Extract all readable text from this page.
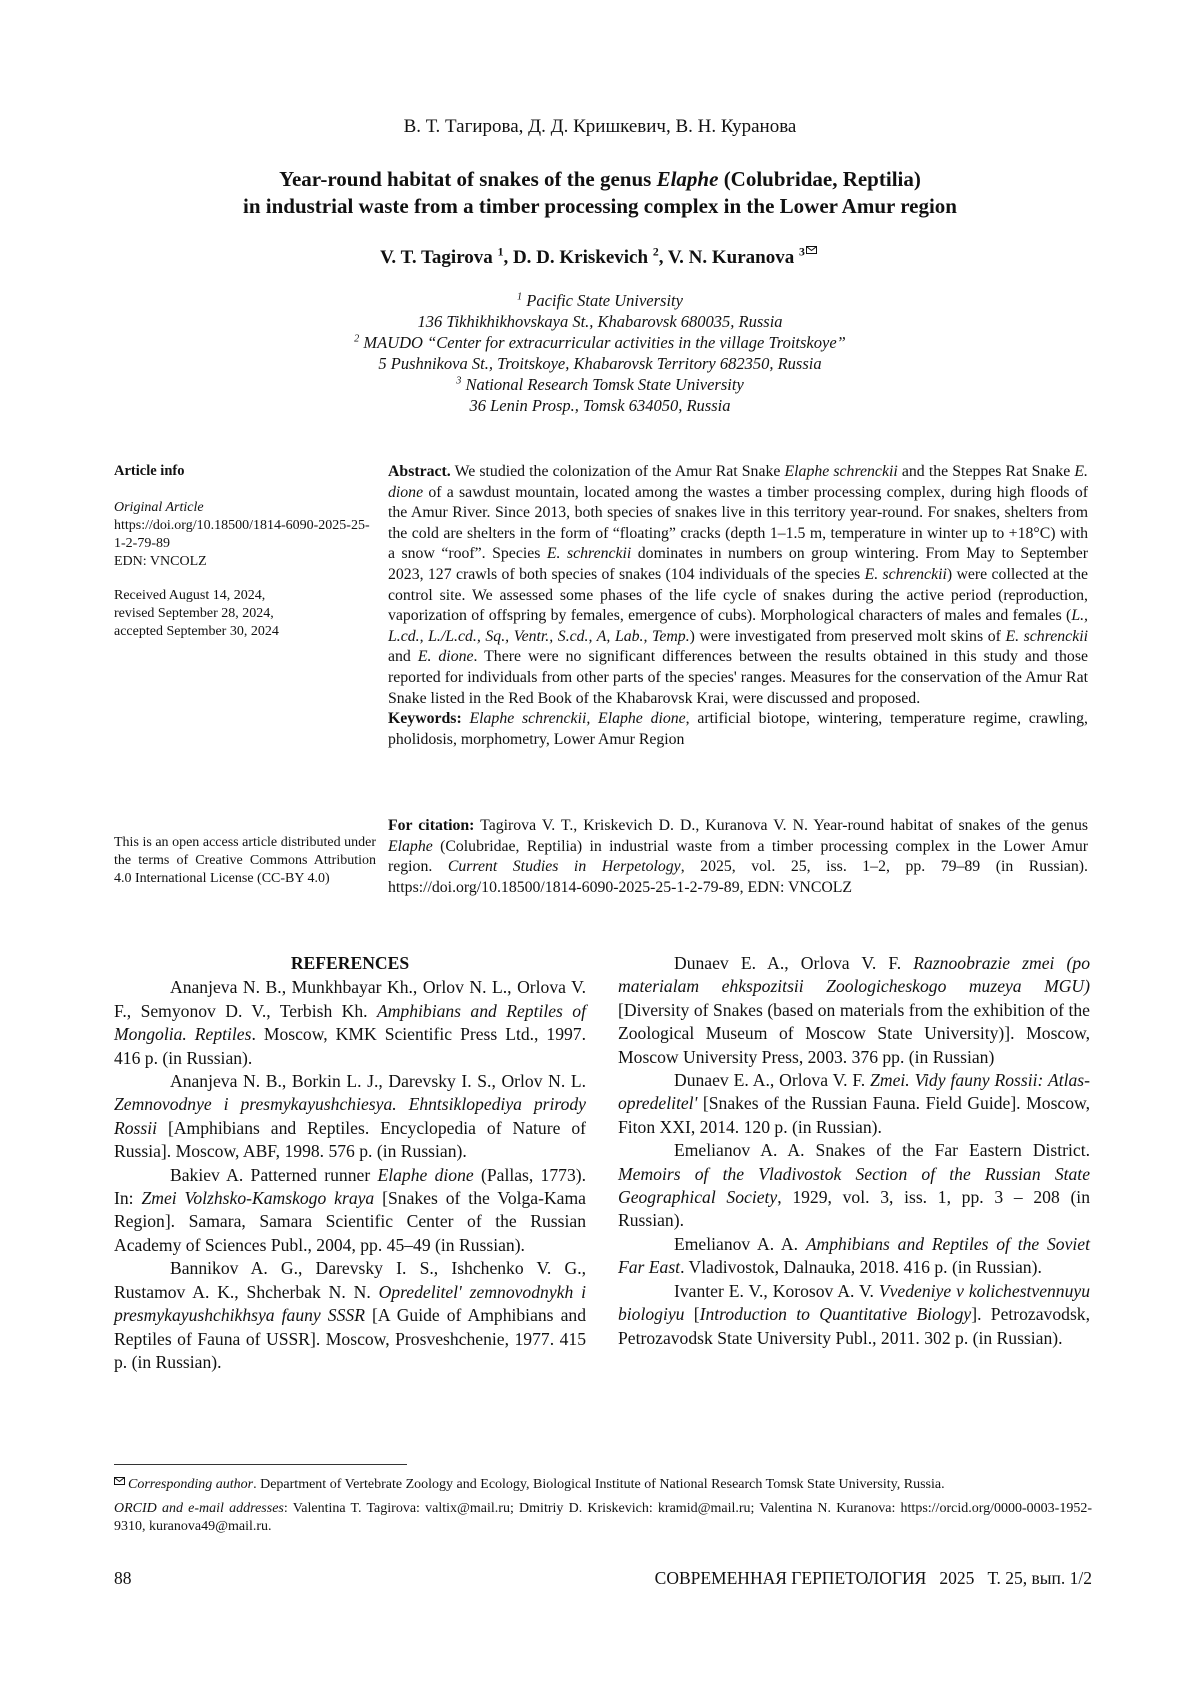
В. Т. Тагирова, Д. Д. Кришкевич, В. Н. Куранова
Year-round habitat of snakes of the genus Elaphe (Colubridae, Reptilia)
in industrial waste from a timber processing complex in the Lower Amur region
V. T. Tagirova $^1$, D. D. Kriskevich $^2$, V. N. Kuranova $^3$
$^1$ Pacific State University
136 Tikhikhikhovskaya St., Khabarovsk 680035, Russia
$^2$ MAUDO “Center for extracurricular activities in the village Troitskoye”
5 Pushnikova St., Troitskoye, Khabarovsk Territory 682350, Russia
$^3$ National Research Tomsk State University
36 Lenin Prosp., Tomsk 634050, Russia
Article info
Original Article
https://doi.org/10.18500/1814-6090-2025-25-1-2-79-89
EDN: VNCOLZ
Received August 14, 2024,
revised September 28, 2024,
accepted September 30, 2024
This is an open access article distributed under the terms of Creative Commons Attribution 4.0 International License (CC-BY 4.0)
Abstract. We studied the colonization of the Amur Rat Snake Elaphe schrenckii and the Steppes Rat Snake E. dione of a sawdust mountain, located among the wastes a timber processing complex, during high floods of the Amur River. Since 2013, both species of snakes live in this territory year-round. For snakes, shelters from the cold are shelters in the form of “floating” cracks (depth 1–1.5 m, temperature in winter up to +18°C) with a snow “roof”. Species E. schrenckii dominates in numbers on group wintering. From May to September 2023, 127 crawls of both species of snakes (104 individuals of the species E. schrenckii) were collected at the control site. We assessed some phases of the life cycle of snakes during the active period (reproduction, vaporization of offspring by females, emergence of cubs). Morphological characters of males and females (L., L.cd., L./L.cd., Sq., Ventr., S.cd., A, Lab., Temp.) were investigated from preserved molt skins of E. schrenckii and E. dione. There were no significant differences between the results obtained in this study and those reported for individuals from other parts of the species' ranges. Measures for the conservation of the Amur Rat Snake listed in the Red Book of the Khabarovsk Krai, were discussed and proposed.
Keywords: Elaphe schrenckii, Elaphe dione, artificial biotope, wintering, temperature regime, crawling, pholidosis, morphometry, Lower Amur Region
For citation: Tagirova V. T., Kriskevich D. D., Kuranova V. N. Year-round habitat of snakes of the genus Elaphe (Colubridae, Reptilia) in industrial waste from a timber processing complex in the Lower Amur region. Current Studies in Herpetology, 2025, vol. 25, iss. 1–2, pp. 79–89 (in Russian). https://doi.org/10.18500/1814-6090-2025-25-1-2-79-89, EDN: VNCOLZ
REFERENCES

Ananjeva N. B., Munkhbayar Kh., Orlov N. L., Orlova V. F., Semyonov D. V., Terbish Kh. Amphibians and Reptiles of Mongolia. Reptiles. Moscow, KMK Scientific Press Ltd., 1997. 416 p. (in Russian).

Ananjeva N. B., Borkin L. J., Darevsky I. S., Orlov N. L. Zemnovodnye i presmykayushchiesya. Ehntsiklopediya prirody Rossii [Amphibians and Reptiles. Encyclopedia of Nature of Russia]. Moscow, ABF, 1998. 576 p. (in Russian).

Bakiev A. Patterned runner Elaphe dione (Pallas, 1773). In: Zmei Volzhsko-Kamskogo kraya [Snakes of the Volga-Kama Region]. Samara, Samara Scientific Center of the Russian Academy of Sciences Publ., 2004, pp. 45–49 (in Russian).

Bannikov A. G., Darevsky I. S., Ishchenko V. G., Rustamov A. K., Shcherbak N. N. Opredelitel' zemnovodnykh i presmykayushchikhsya fauny SSSR [A Guide of Amphibians and Reptiles of Fauna of USSR]. Moscow, Prosveshchenie, 1977. 415 p. (in Russian).

Dunaev E. A., Orlova V. F. Raznoobrazie zmei (po materialam ehkspozitsii Zoologicheskogo muzeya MGU) [Diversity of Snakes (based on materials from the exhibition of the Zoological Museum of Moscow State University)]. Moscow, Moscow University Press, 2003. 376 pp. (in Russian)

Dunaev E. A., Orlova V. F. Zmei. Vidy fauny Rossii: Atlas-opredelitel' [Snakes of the Russian Fauna. Field Guide]. Moscow, Fiton XXI, 2014. 120 p. (in Russian).

Emelianov A. A. Snakes of the Far Eastern District. Memoirs of the Vladivostok Section of the Russian State Geographical Society, 1929, vol. 3, iss. 1, pp. 3 – 208 (in Russian).

Emelianov A. A. Amphibians and Reptiles of the Soviet Far East. Vladivostok, Dalnauka, 2018. 416 p. (in Russian).

Ivanter E. V., Korosov A. V. Vvedeniye v kolichestvennuyu biologiyu [Introduction to Quantitative Biology]. Petrozavodsk, Petrozavodsk State University Publ., 2011. 302 p. (in Russian).

Corresponding author. Department of Vertebrate Zoology and Ecology, Biological Institute of National Research Tomsk State University, Russia.

ORCID and e-mail addresses: Valentina T. Tagirova: valtix@mail.ru; Dmitriy D. Kriskevich: kramid@mail.ru; Valentina N. Kuranova: https://orcid.org/0000-0003-1952-9310, kuranova49@mail.ru.

88	СОВРЕМЕННАЯ ГЕРПЕТОЛОГИЯ   2025   Т. 25, вып. 1/2
